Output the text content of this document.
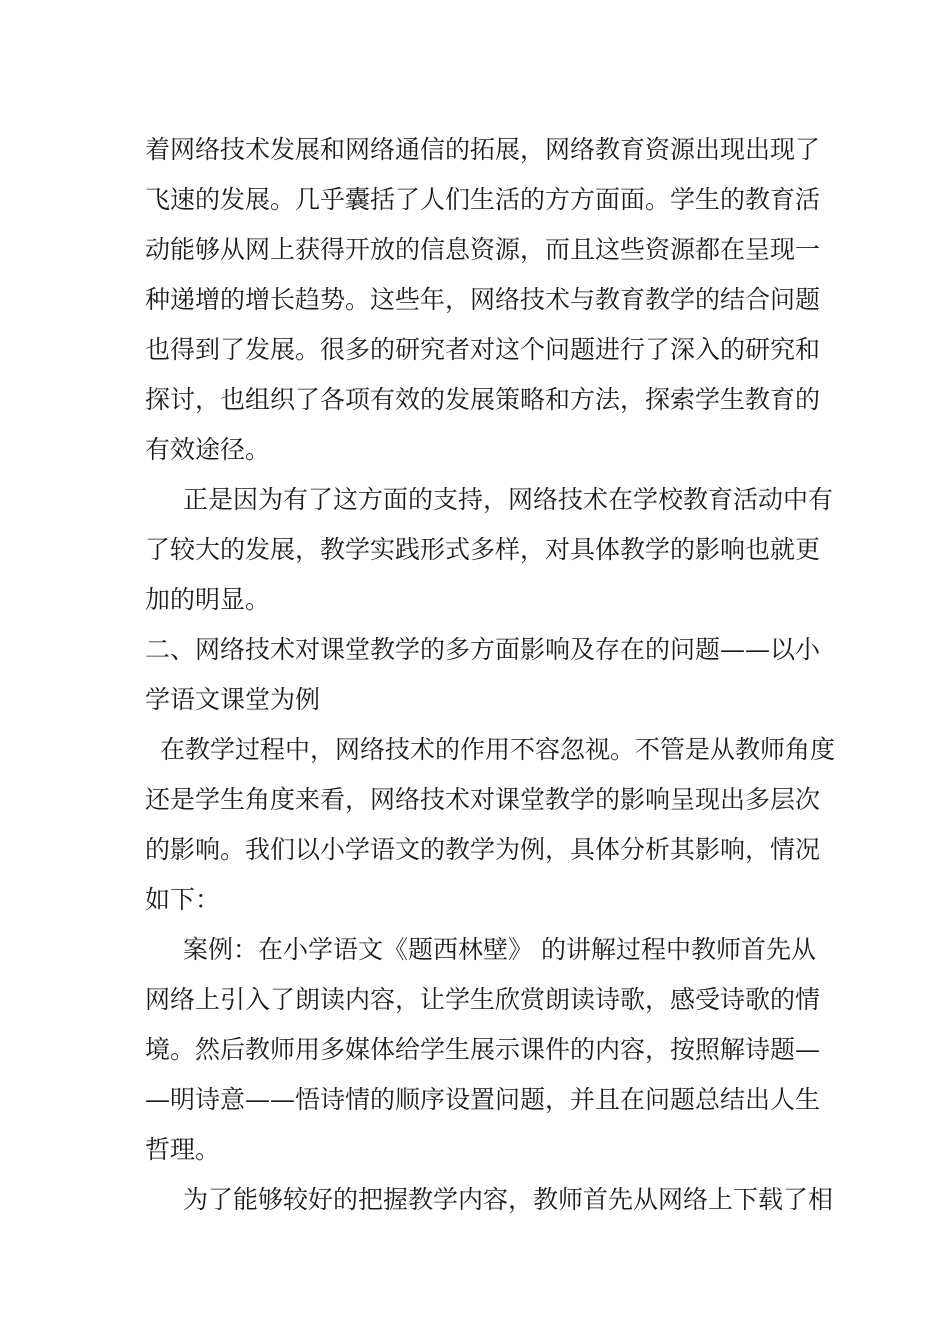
着网络技术发展和网络通信的拓展，网络教育资源出现出现了
飞速的发展。几乎囊括了人们生活的方方面面。学生的教育活
动能够从网上获得开放的信息资源，而且这些资源都在呈现一
种递增的增长趋势。这些年，网络技术与教育教学的结合问题
也得到了发展。很多的研究者对这个问题进行了深入的研究和
探讨，也组织了各项有效的发展策略和方法，探索学生教育的
有效途径。
正是因为有了这方面的支持，网络技术在学校教育活动中有
了较大的发展，教学实践形式多样，对具体教学的影响也就更
加的明显。
二、网络技术对课堂教学的多方面影响及存在的问题——以小
学语文课堂为例
在教学过程中，网络技术的作用不容忽视。不管是从教师角度
还是学生角度来看，网络技术对课堂教学的影响呈现出多层次
的影响。我们以小学语文的教学为例，具体分析其影响，情况
如下：
案例：在小学语文《题西林壁》 的讲解过程中教师首先从
网络上引入了朗读内容，让学生欣赏朗读诗歌，感受诗歌的情
境。然后教师用多媒体给学生展示课件的内容，按照解诗题—
—明诗意——悟诗情的顺序设置问题，并且在问题总结出人生
哲理。
为了能够较好的把握教学内容，教师首先从网络上下载了相
